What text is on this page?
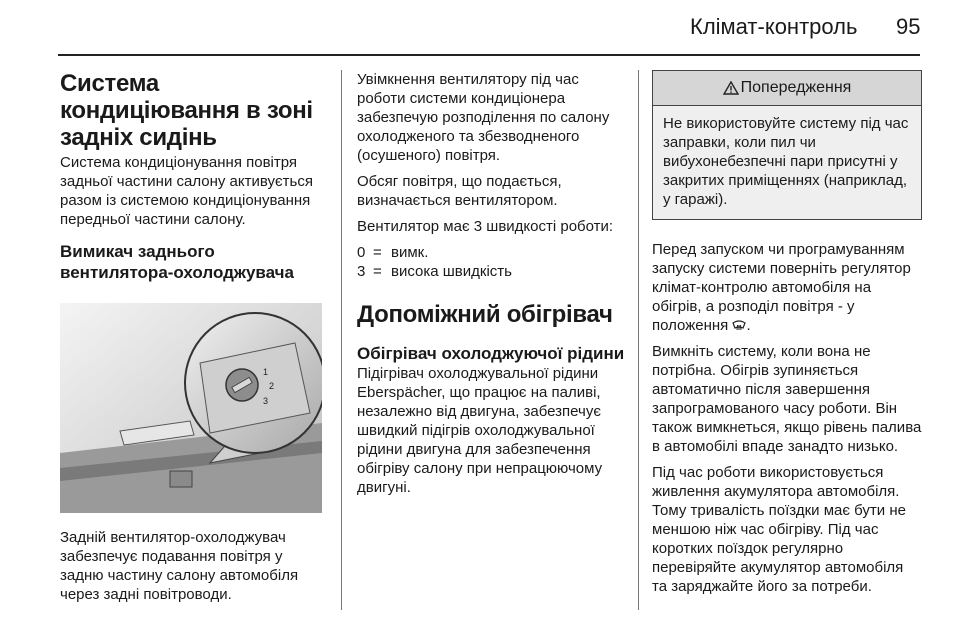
Клімат-контроль 95
Система кондиціювання в зоні задніх сидінь

Система кондиціонування повітря задньої частини салону активується разом із системою кондиціонування передньої частини салону.

Вимикач заднього вентилятора-охолоджувача
1
2
3

Задній вентилятор-охолоджувач забезпечує подавання повітря у задню частину салону автомобіля через задні повітроводи.

Увімкнення вентилятору під час роботи системи кондиціонера забезпечую розподілення по салону охолодженого та збезводненого (осушеного) повітря.

Обсяг повітря, що подається, визначається вентилятором.

Вентилятор має 3 швидкості роботи:

0 = вимк.
3 = висока швидкість
Допоміжний обігрівач
Обігрівач охолоджуючої рідини

Підігрівач охолоджувальної рідини Eberspächer, що працює на паливі, незалежно від двигуна, забезпечує швидкий підігрів охолоджувальної рідини двигуна для забезпечення обігріву салону при непрацюючому двигуні.

Попередження

Не використовуйте систему під час заправки, коли пил чи вибухонебезпечні пари присутні у закритих приміщеннях (наприклад, у гаражі).

Перед запуском чи програмуванням запуску системи поверніть регулятор клімат-контролю автомобіля на обігрів, а розподіл повітря - у положення .

Вимкніть систему, коли вона не потрібна. Обігрів зупиняється автоматично після завершення запрограмованого часу роботи. Він також вимкнеться, якщо рівень палива в автомобілі впаде занадто низько.

Під час роботи використовується живлення акумулятора автомобіля. Тому тривалість поїздки має бути не меншою ніж час обігріву. Під час коротких поїздок регулярно перевіряйте акумулятор автомобіля та заряджайте його за потреби.
